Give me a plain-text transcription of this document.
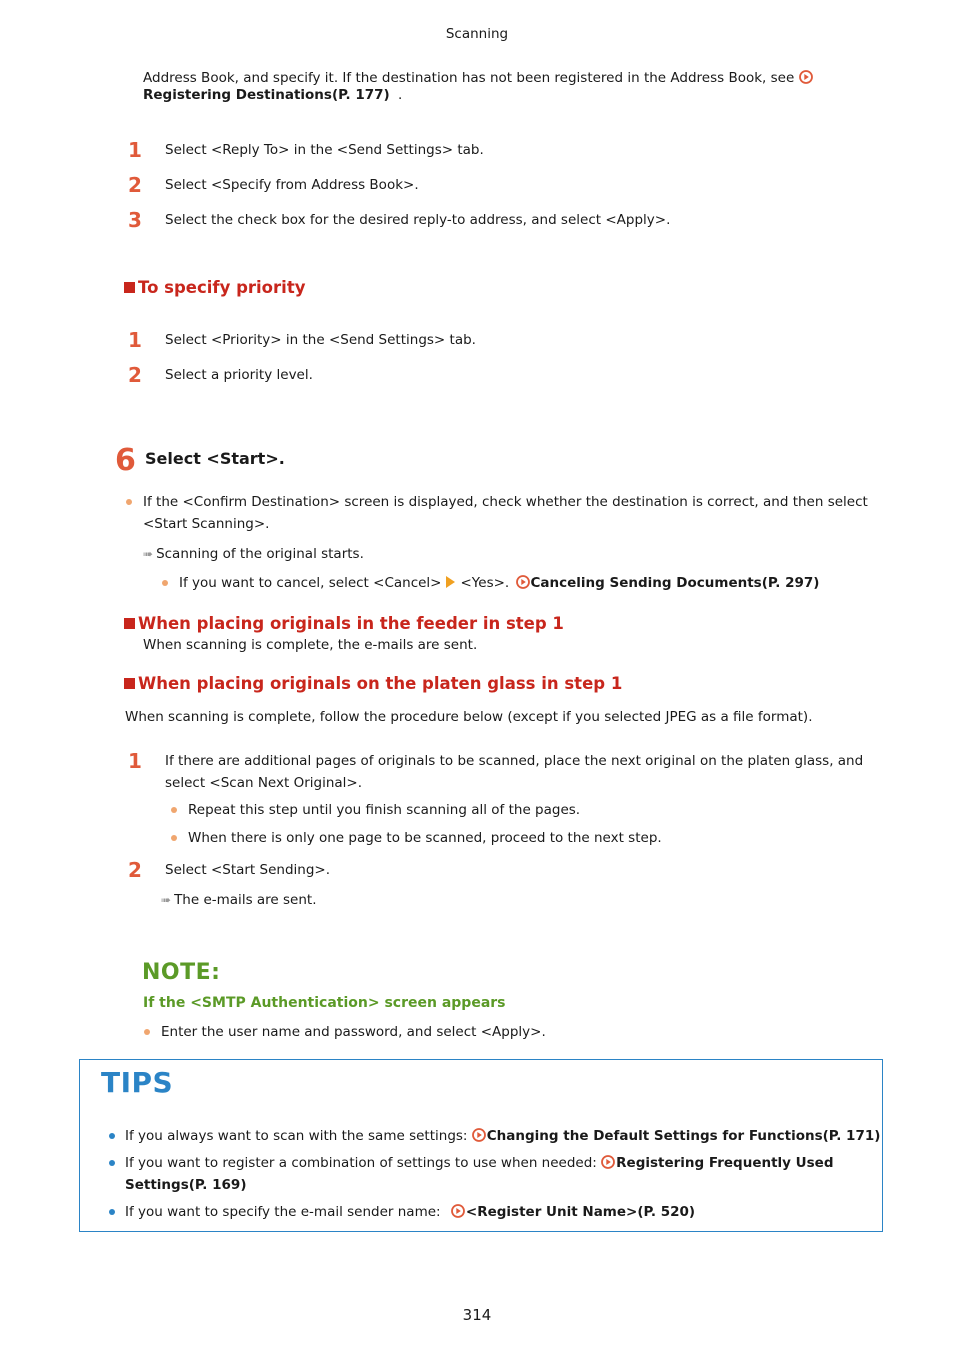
Scanning
Address Book, and specify it. If the destination has not been registered in the Address Book, see
Registering Destinations(P. 177) .
1	Select <Reply To> in the <Send Settings> tab.
2	Select <Specify from Address Book>.
3	Select the check box for the desired reply-to address, and select <Apply>.
To specify priority
1	Select <Priority> in the <Send Settings> tab.
2	Select a priority level.
6 Select <Start>.
If the <Confirm Destination> screen is displayed, check whether the destination is correct, and then select
<Start Scanning>.
➠ Scanning of the original starts.
If you want to cancel, select <Cancel> <Yes>. Canceling Sending Documents(P. 297)
When placing originals in the feeder in step 1
When scanning is complete, the e-mails are sent.
When placing originals on the platen glass in step 1
When scanning is complete, follow the procedure below (except if you selected JPEG as a file format).
1	If there are additional pages of originals to be scanned, place the next original on the platen glass, and
select <Scan Next Original>.
Repeat this step until you finish scanning all of the pages.
When there is only one page to be scanned, proceed to the next step.
2	Select <Start Sending>.
➠ The e-mails are sent.
NOTE:
If the <SMTP Authentication> screen appears
Enter the user name and password, and select <Apply>.
TIPS
If you always want to scan with the same settings: Changing the Default Settings for Functions(P. 171)
If you want to register a combination of settings to use when needed: Registering Frequently Used
Settings(P. 169)
If you want to specify the e-mail sender name: <Register Unit Name>(P. 520)
314
